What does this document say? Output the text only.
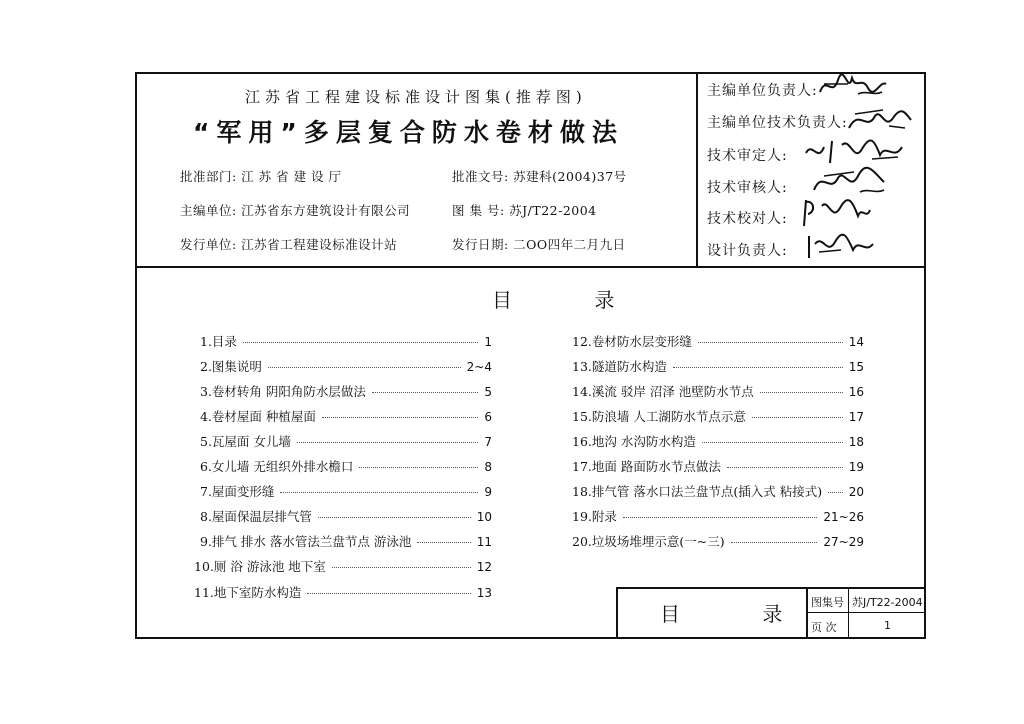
江苏省工程建设标准设计图集(推荐图)
“军用”多层复合防水卷材做法
批准部门: 江 苏 省 建 设 厅	批准文号: 苏建科(2004)37号
主编单位: 江苏省东方建筑设计有限公司	图 集 号: 苏J/T22-2004
发行单位: 江苏省工程建设标准设计站	发行日期: 二OO四年二月九日
主编单位负责人:
主编单位技术负责人:
技术审定人:
技术审核人:
技术校对人:
设计负责人:
目 录
1.目录	1
2.图集说明	2~4
3.卷材转角 阴阳角防水层做法	5
4.卷材屋面 种植屋面	6
5.瓦屋面 女儿墙	7
6.女儿墙 无组织外排水檐口	8
7.屋面变形缝	9
8.屋面保温层排气管	10
9.排气 排水 落水管法兰盘节点 游泳池	11
10.厕 浴 游泳池 地下室	12
11.地下室防水构造	13
12.卷材防水层变形缝	14
13.隧道防水构造	15
14.溪流 驳岸 沼泽 池壁防水节点	16
15.防浪墙 人工湖防水节点示意	17
16.地沟 水沟防水构造	18
17.地面 路面防水节点做法	19
18.排气管 落水口法兰盘节点(插入式 粘接式) 20
19.附录	21~26
20.垃圾场堆埋示意(一~三)	27~29
目 录
图集号 苏J/T22-2004
页 次	1
